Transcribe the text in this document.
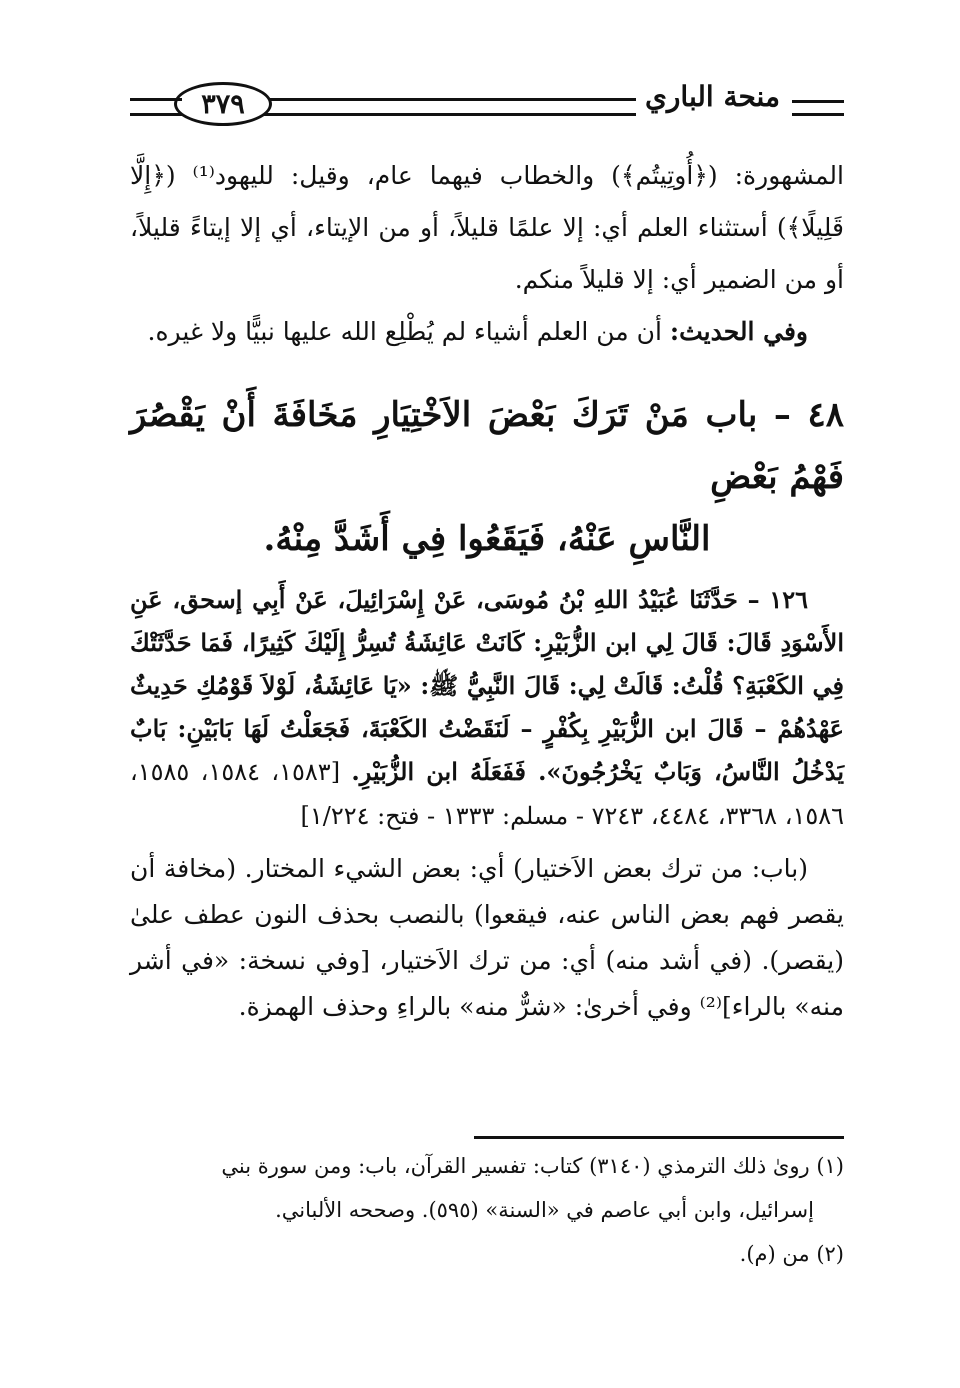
منحة الباري
٣٧٩

المشهورة: (﴿أُوتِيتُم﴾) والخطاب فيهما عام، وقيل: لليهود⁽¹⁾ (﴿إِلَّا قَلِيلًا﴾) أستثناء العلم أي: إلا علمًا قليلاً، أو من الإيتاء، أي إلا إيتاءً قليلاً، أو من الضمير أي: إلا قليلاً منكم.

وفي الحديث: أن من العلم أشياء لم يُطْلِع الله عليها نبيًّا ولا غيره.

٤٨ – باب مَنْ تَرَكَ بَعْضَ الاَخْتِيَارِ مَخَافَةَ أَنْ يَقْصُرَ فَهْمُ بَعْضِ
النَّاسِ عَنْهُ، فَيَقَعُوا فِي أَشَدَّ مِنْهُ.

١٢٦ – حَدَّثَنَا عُبَيْدُ اللهِ بْنُ مُوسَى، عَنْ إِسْرَائِيلَ، عَنْ أَبِي إسحق، عَنِ الأَسْوَدِ قَالَ: قَالَ لِي ابن الزُّبَيْرِ: كَانَتْ عَائِشَةُ تُسِرُّ إِلَيْكَ كَثِيرًا، فَمَا حَدَّثَتْكَ فِي الكَعْبَةِ؟ قُلْتُ: قَالَتْ لِي: قَالَ النَّبِيُّ ﷺ: «يَا عَائِشَةُ، لَوْلاَ قَوْمُكِ حَدِيثٌ عَهْدُهُمْ – قَالَ ابن الزُّبَيْرِ بِكُفْرٍ – لَنَقَضْتُ الكَعْبَةَ، فَجَعَلْتُ لَهَا بَابَيْنِ: بَابٌ يَدْخُلُ النَّاسُ، وَبَابٌ يَخْرُجُونَ». فَفَعَلَهُ ابن الزُّبَيْرِ. [١٥٨٣، ١٥٨٤، ١٥٨٥، ١٥٨٦، ٣٣٦٨، ٤٤٨٤، ٧٢٤٣ - مسلم: ١٣٣٣ - فتح: ١/٢٢٤]

(باب: من ترك بعض الاَختيار) أي: بعض الشيء المختار. (مخافة أن يقصر فهم بعض الناس عنه، فيقعوا) بالنصب بحذف النون عطف علىٰ (يقصر). (في أشد منه) أي: من ترك الاَختيار، [وفي نسخة: «في أشر منه» بالراء]⁽²⁾ وفي أخرىٰ: «شرٌّ منه» بالراءِ وحذف الهمزة.

(١) رویٰ ذلك الترمذي (٣١٤٠) كتاب: تفسير القرآن، باب: ومن سورة بني

إسرائيل، وابن أبي عاصم في «السنة» (٥٩٥). وصححه الألباني.

(٢) من (م).
